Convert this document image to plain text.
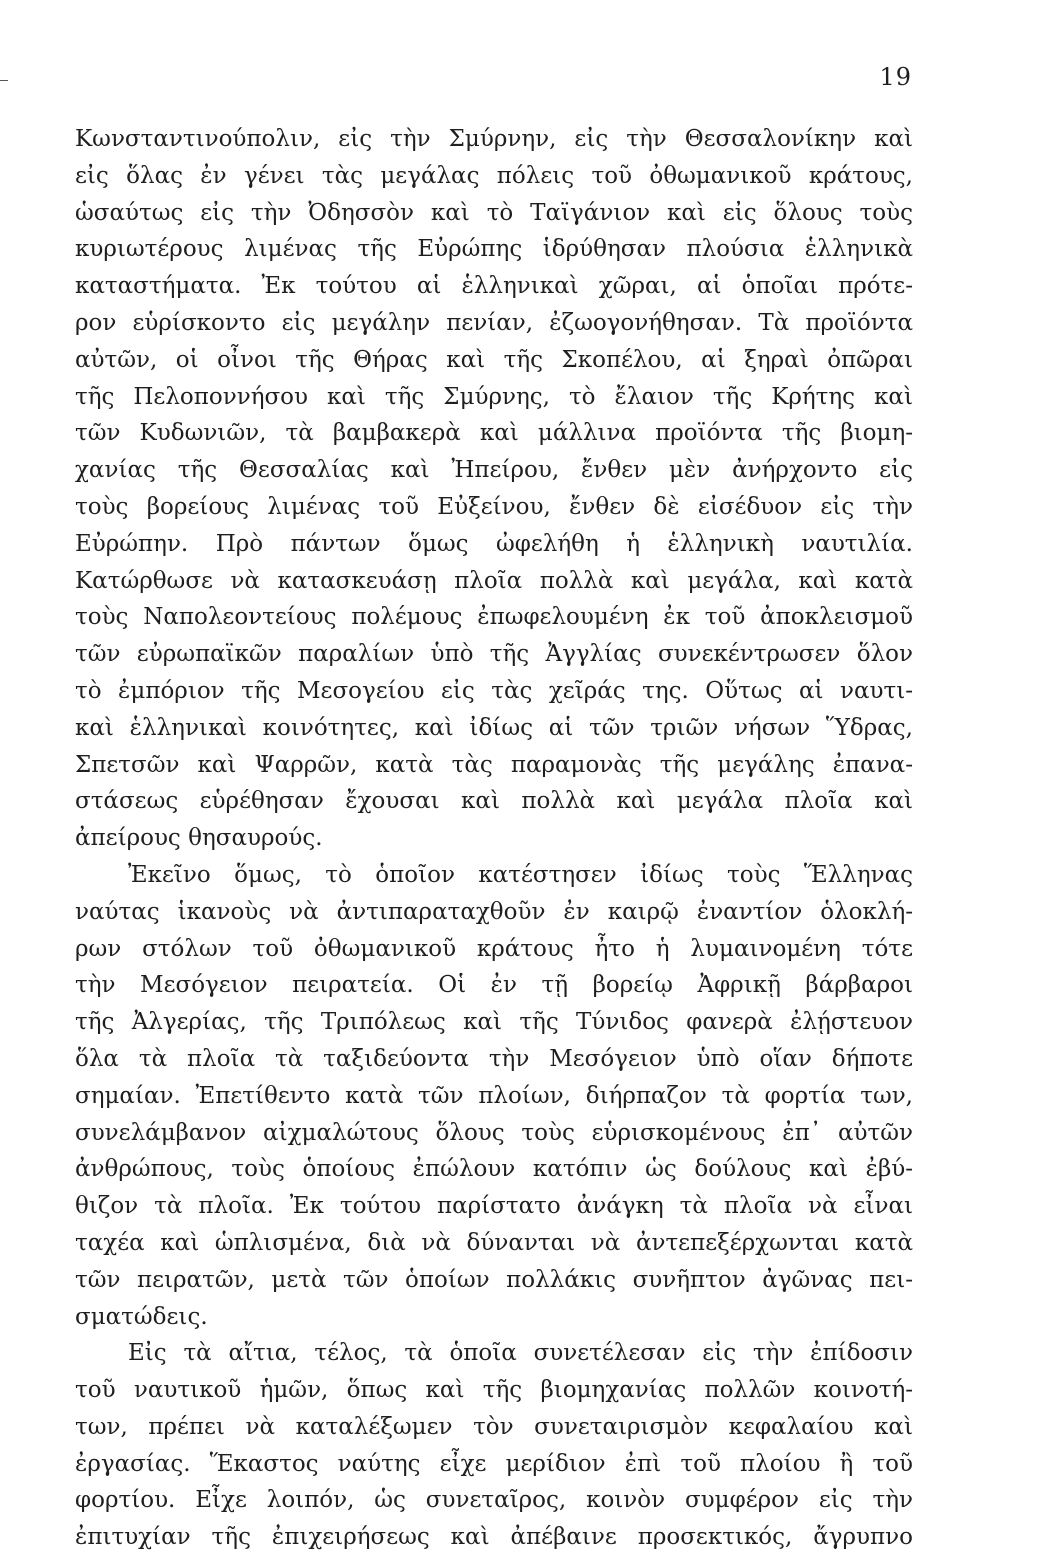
19
Κωνσταντινούπολιν, εἰς τὴν Σμύρνην, εἰς τὴν Θεσσαλονίκην καὶ
εἰς ὅλας ἐν γένει τὰς μεγάλας πόλεις τοῦ ὀθωμανικοῦ κράτους,
ὡσαύτως εἰς τὴν Ὀδησσὸν καὶ τὸ Ταϊγάνιον καὶ εἰς ὅλους τοὺς
κυριωτέρους λιμένας τῆς Εὐρώπης ἱδρύθησαν πλούσια ἑλληνικὰ
καταστήματα. Ἐκ τούτου αἱ ἑλληνικαὶ χῶραι, αἱ ὁποῖαι πρότε-
ρον εὑρίσκοντο εἰς μεγάλην πενίαν, ἐζωογονήθησαν. Τὰ προϊόντα
αὐτῶν, οἱ οἶνοι τῆς Θήρας καὶ τῆς Σκοπέλου, αἱ ξηραὶ ὀπῶραι
τῆς Πελοποννήσου καὶ τῆς Σμύρνης, τὸ ἔλαιον τῆς Κρήτης καὶ
τῶν Κυδωνιῶν, τὰ βαμβακερὰ καὶ μάλλινα προϊόντα τῆς βιομη-
χανίας τῆς Θεσσαλίας καὶ Ἠπείρου, ἔνθεν μὲν ἀνήρχοντο εἰς
τοὺς βορείους λιμένας τοῦ Εὐξείνου, ἔνθεν δὲ εἰσέδυον εἰς τὴν
Εὐρώπην. Πρὸ πάντων ὅμως ὠφελήθη ἡ ἑλληνικὴ ναυτιλία.
Κατώρθωσε νὰ κατασκευάσῃ πλοῖα πολλὰ καὶ μεγάλα, καὶ κατὰ
τοὺς Ναπολεοντείους πολέμους ἐπωφελουμένη ἐκ τοῦ ἀποκλεισμοῦ
τῶν εὐρωπαϊκῶν παραλίων ὑπὸ τῆς Ἀγγλίας συνεκέντρωσεν ὅλον
τὸ ἐμπόριον τῆς Μεσογείου εἰς τὰς χεῖράς της. Οὕτως αἱ ναυτι-
καὶ ἑλληνικαὶ κοινότητες, καὶ ἰδίως αἱ τῶν τριῶν νήσων Ὕδρας,
Σπετσῶν καὶ Ψαρρῶν, κατὰ τὰς παραμονὰς τῆς μεγάλης ἐπανα-
στάσεως εὑρέθησαν ἔχουσαι καὶ πολλὰ καὶ μεγάλα πλοῖα καὶ
ἀπείρους θησαυρούς.
Ἐκεῖνο ὅμως, τὸ ὁποῖον κατέστησεν ἰδίως τοὺς Ἕλληνας
ναύτας ἱκανοὺς νὰ ἀντιπαραταχθοῦν ἐν καιρῷ ἐναντίον ὁλοκλή-
ρων στόλων τοῦ ὀθωμανικοῦ κράτους ἦτο ἡ λυμαινομένη τότε
τὴν Μεσόγειον πειρατεία. Οἱ ἐν τῇ βορείῳ Ἀφρικῇ βάρβαροι
τῆς Ἀλγερίας, τῆς Τριπόλεως καὶ τῆς Τύνιδος φανερὰ ἐλῄστευον
ὅλα τὰ πλοῖα τὰ ταξιδεύοντα τὴν Μεσόγειον ὑπὸ οἵαν δήποτε
σημαίαν. Ἐπετίθεντο κατὰ τῶν πλοίων, διήρπαζον τὰ φορτία των,
συνελάμβανον αἰχμαλώτους ὅλους τοὺς εὑρισκομένους ἐπ᾽ αὐτῶν
ἀνθρώπους, τοὺς ὁποίους ἐπώλουν κατόπιν ὡς δούλους καὶ ἐβύ-
θιζον τὰ πλοῖα. Ἐκ τούτου παρίστατο ἀνάγκη τὰ πλοῖα νὰ εἶναι
ταχέα καὶ ὡπλισμένα, διὰ νὰ δύνανται νὰ ἀντεπεξέρχωνται κατὰ
τῶν πειρατῶν, μετὰ τῶν ὁποίων πολλάκις συνῆπτον ἀγῶνας πει-
σματώδεις.
Εἰς τὰ αἴτια, τέλος, τὰ ὁποῖα συνετέλεσαν εἰς τὴν ἐπίδοσιν
τοῦ ναυτικοῦ ἡμῶν, ὅπως καὶ τῆς βιομηχανίας πολλῶν κοινοτή-
των, πρέπει νὰ καταλέξωμεν τὸν συνεταιρισμὸν κεφαλαίου καὶ
ἐργασίας. Ἕκαστος ναύτης εἶχε μερίδιον ἐπὶ τοῦ πλοίου ἢ τοῦ
φορτίου. Εἶχε λοιπόν, ὡς συνεταῖρος, κοινὸν συμφέρον εἰς τὴν
ἐπιτυχίαν τῆς ἐπιχειρήσεως καὶ ἀπέβαινε προσεκτικός, ἄγρυπνο
